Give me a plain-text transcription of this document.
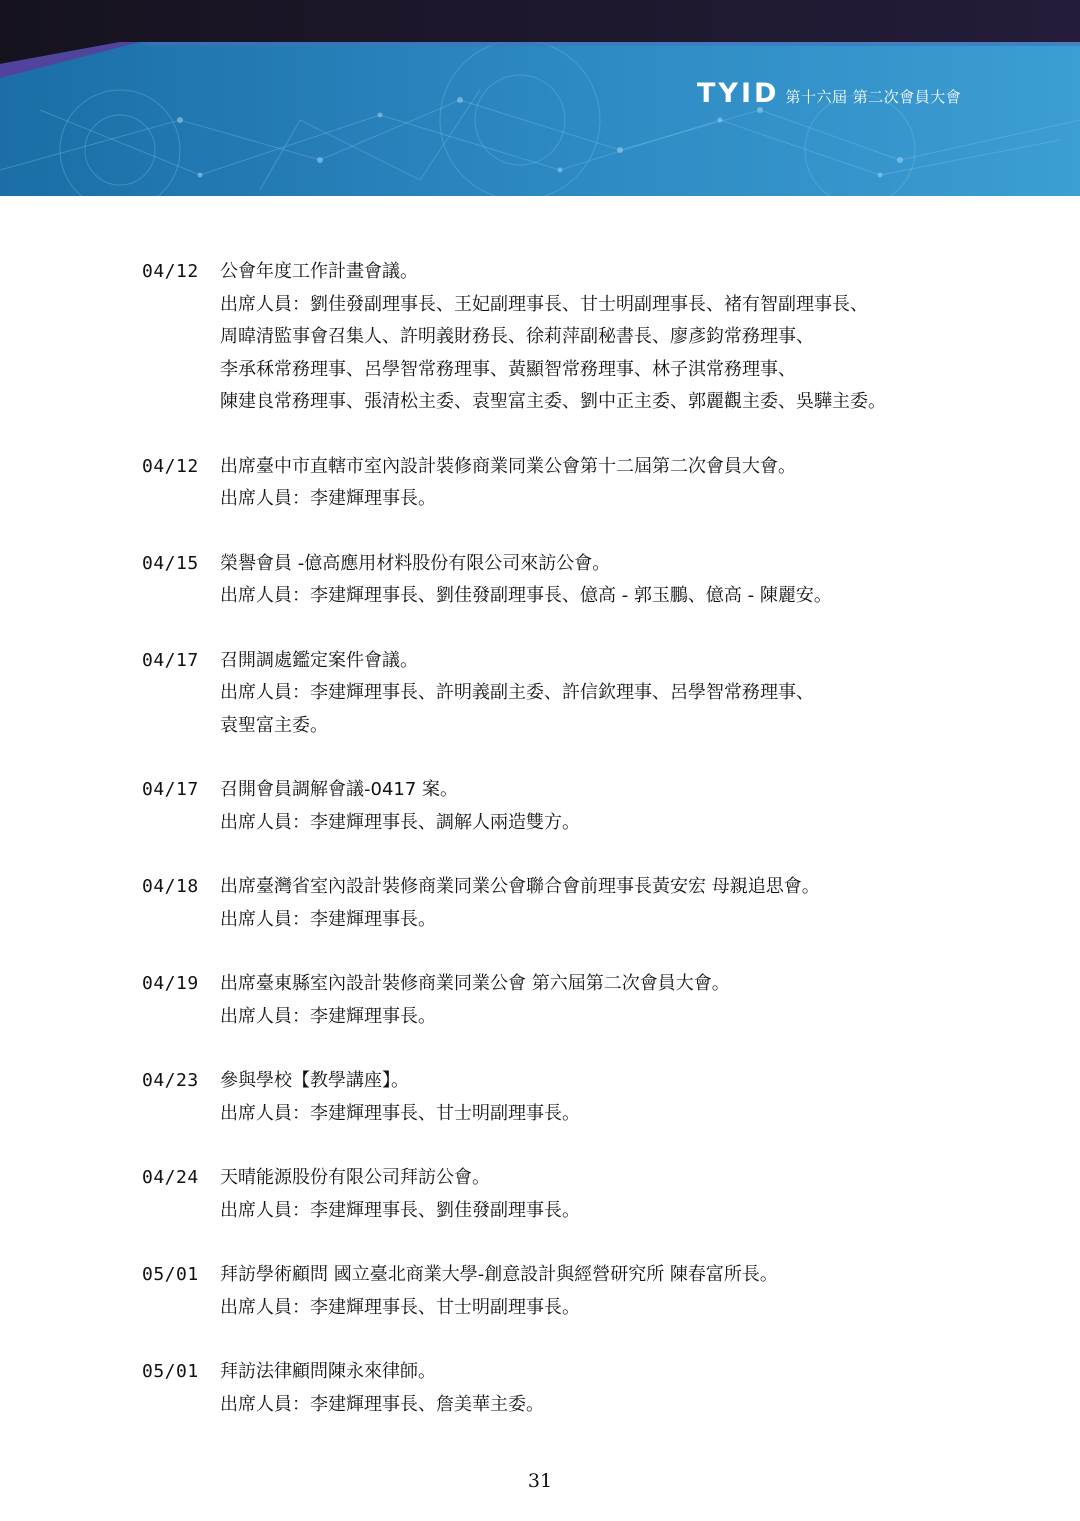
TYID 第十六屆 第二次會員大會
04/12	公會年度工作計畫會議。

出席人員：劉佳發副理事長、王妃副理事長、甘士明副理事長、褚有智副理事長、

周暐清監事會召集人、許明義財務長、徐莉萍副秘書長、廖彥鈞常務理事、

李承秝常務理事、呂學智常務理事、黃顯智常務理事、林子淇常務理事、

陳建良常務理事、張清松主委、袁聖富主委、劉中正主委、郭麗觀主委、吳驊主委。

04/12	出席臺中市直轄市室內設計裝修商業同業公會第十二屆第二次會員大會。

出席人員：李建輝理事長。

04/15	榮譽會員 -億高應用材料股份有限公司來訪公會。

出席人員：李建輝理事長、劉佳發副理事長、億高 - 郭玉鵬、億高 - 陳麗安。

04/17	召開調處鑑定案件會議。

出席人員：李建輝理事長、許明義副主委、許信欽理事、呂學智常務理事、

袁聖富主委。

04/17	召開會員調解會議-0417 案。

出席人員：李建輝理事長、調解人兩造雙方。

04/18	出席臺灣省室內設計裝修商業同業公會聯合會前理事長黃安宏 母親追思會。

出席人員：李建輝理事長。

04/19	出席臺東縣室內設計裝修商業同業公會 第六屆第二次會員大會。

出席人員：李建輝理事長。

04/23	參與學校【教學講座】。

出席人員：李建輝理事長、甘士明副理事長。

04/24	天晴能源股份有限公司拜訪公會。

出席人員：李建輝理事長、劉佳發副理事長。

05/01	拜訪學術顧問 國立臺北商業大學-創意設計與經營研究所 陳春富所長。

出席人員：李建輝理事長、甘士明副理事長。

05/01	拜訪法律顧問陳永來律師。

出席人員：李建輝理事長、詹美華主委。

31
